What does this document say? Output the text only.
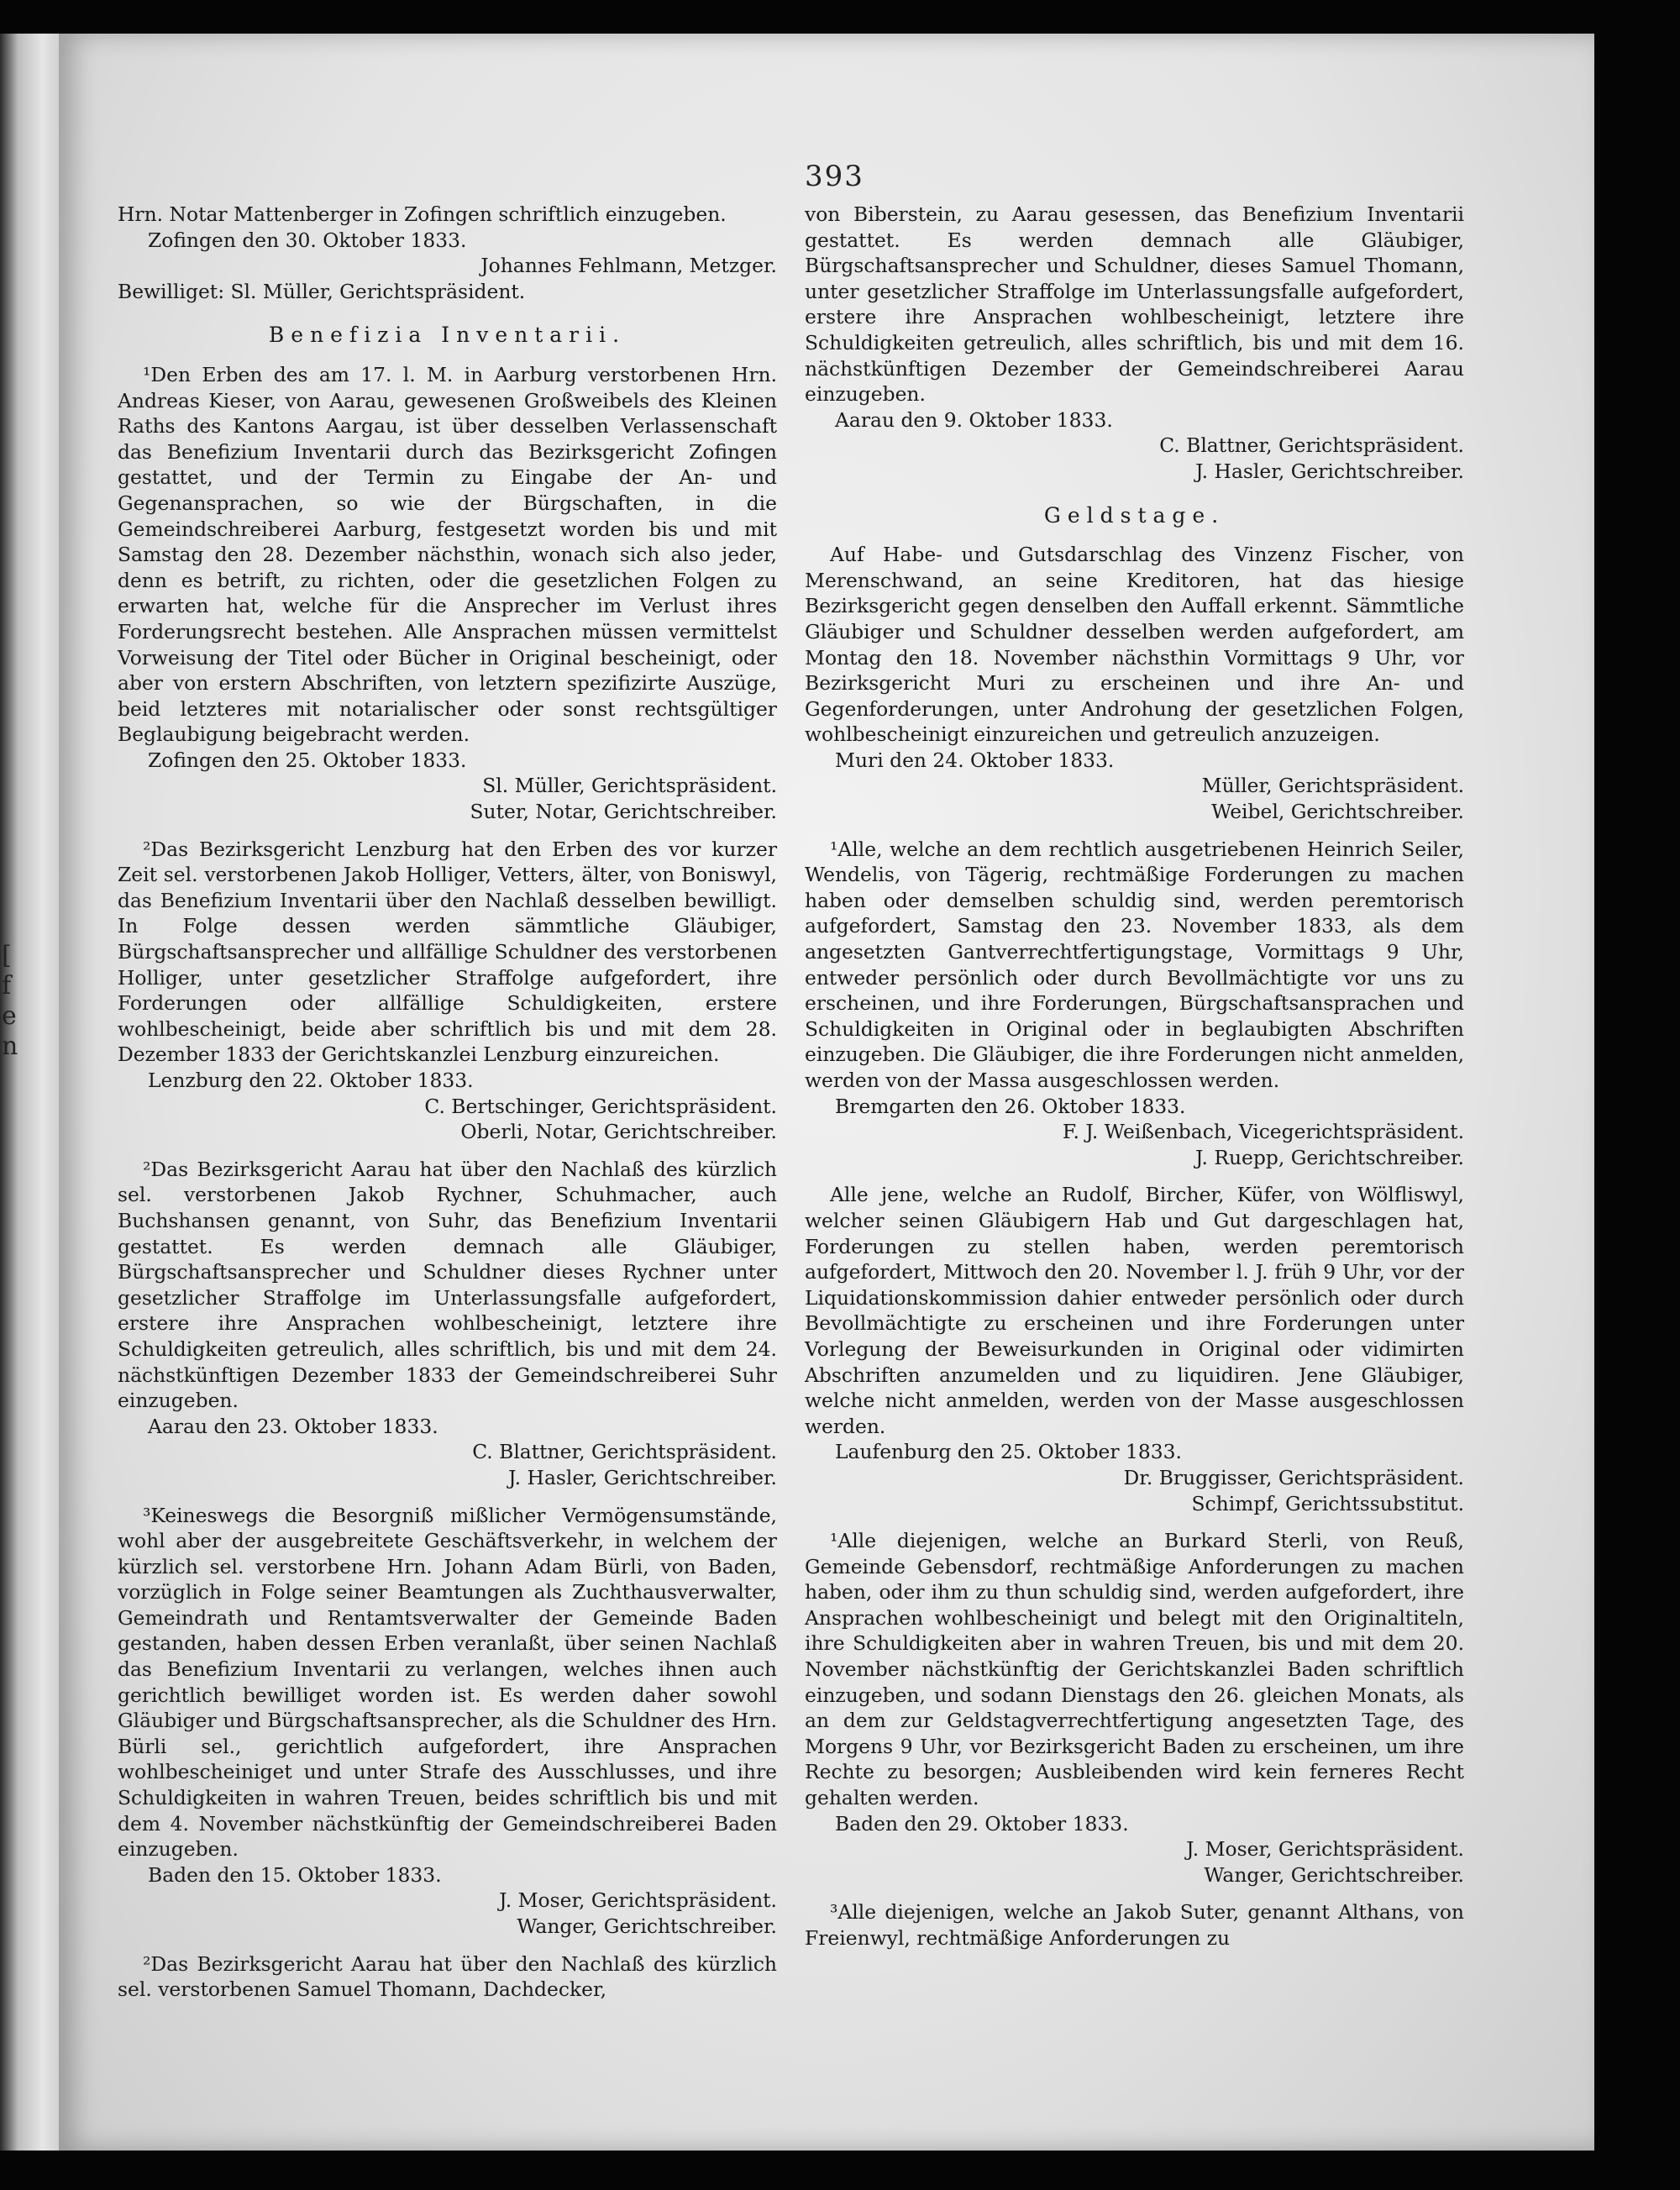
[
f
e
n
393

Hrn. Notar Mattenberger in Zofingen schriftlich einzugeben.

Zofingen den 30. Oktober 1833.

Johannes Fehlmann, Metzger.

Bewilliget: Sl. Müller, Gerichtspräsident.

Benefizia Inventarii.

¹Den Erben des am 17. l. M. in Aarburg verstorbenen Hrn. Andreas Kieser, von Aarau, gewesenen Großweibels des Kleinen Raths des Kantons Aargau, ist über desselben Verlassenschaft das Benefizium Inventarii durch das Bezirksgericht Zofingen gestattet, und der Termin zu Eingabe der An- und Gegenansprachen, so wie der Bürgschaften, in die Gemeindschreiberei Aarburg, festgesetzt worden bis und mit Samstag den 28. Dezember nächsthin, wonach sich also jeder, denn es betrift, zu richten, oder die gesetzlichen Folgen zu erwarten hat, welche für die Ansprecher im Verlust ihres Forderungsrecht bestehen. Alle Ansprachen müssen vermittelst Vorweisung der Titel oder Bücher in Original bescheinigt, oder aber von erstern Abschriften, von letztern spezifizirte Auszüge, beid letzteres mit notarialischer oder sonst rechtsgültiger Beglaubigung beigebracht werden.

Zofingen den 25. Oktober 1833.

Sl. Müller, Gerichtspräsident.

Suter, Notar, Gerichtschreiber.

²Das Bezirksgericht Lenzburg hat den Erben des vor kurzer Zeit sel. verstorbenen Jakob Holliger, Vetters, älter, von Boniswyl, das Benefizium Inventarii über den Nachlaß desselben bewilligt. In Folge dessen werden sämmtliche Gläubiger, Bürgschaftsansprecher und allfällige Schuldner des verstorbenen Holliger, unter gesetzlicher Straffolge aufgefordert, ihre Forderungen oder allfällige Schuldigkeiten, erstere wohlbescheinigt, beide aber schriftlich bis und mit dem 28. Dezember 1833 der Gerichtskanzlei Lenzburg einzureichen.

Lenzburg den 22. Oktober 1833.

C. Bertschinger, Gerichtspräsident.

Oberli, Notar, Gerichtschreiber.

²Das Bezirksgericht Aarau hat über den Nachlaß des kürzlich sel. verstorbenen Jakob Rychner, Schuhmacher, auch Buchshansen genannt, von Suhr, das Benefizium Inventarii gestattet. Es werden demnach alle Gläubiger, Bürgschaftsansprecher und Schuldner dieses Rychner unter gesetzlicher Straffolge im Unterlassungsfalle aufgefordert, erstere ihre Ansprachen wohlbescheinigt, letztere ihre Schuldigkeiten getreulich, alles schriftlich, bis und mit dem 24. nächstkünftigen Dezember 1833 der Gemeindschreiberei Suhr einzugeben.

Aarau den 23. Oktober 1833.

C. Blattner, Gerichtspräsident.

J. Hasler, Gerichtschreiber.

³Keineswegs die Besorgniß mißlicher Vermögensumstände, wohl aber der ausgebreitete Geschäftsverkehr, in welchem der kürzlich sel. verstorbene Hrn. Johann Adam Bürli, von Baden, vorzüglich in Folge seiner Beamtungen als Zuchthausverwalter, Gemeindrath und Rentamtsverwalter der Gemeinde Baden gestanden, haben dessen Erben veranlaßt, über seinen Nachlaß das Benefizium Inventarii zu verlangen, welches ihnen auch gerichtlich bewilliget worden ist. Es werden daher sowohl Gläubiger und Bürgschaftsansprecher, als die Schuldner des Hrn. Bürli sel., gerichtlich aufgefordert, ihre Ansprachen wohlbescheiniget und unter Strafe des Ausschlusses, und ihre Schuldigkeiten in wahren Treuen, beides schriftlich bis und mit dem 4. November nächstkünftig der Gemeindschreiberei Baden einzugeben.

Baden den 15. Oktober 1833.

J. Moser, Gerichtspräsident.

Wanger, Gerichtschreiber.

²Das Bezirksgericht Aarau hat über den Nachlaß des kürzlich sel. verstorbenen Samuel Thomann, Dachdecker,

von Biberstein, zu Aarau gesessen, das Benefizium Inventarii gestattet. Es werden demnach alle Gläubiger, Bürgschaftsansprecher und Schuldner, dieses Samuel Thomann, unter gesetzlicher Straffolge im Unterlassungsfalle aufgefordert, erstere ihre Ansprachen wohlbescheinigt, letztere ihre Schuldigkeiten getreulich, alles schriftlich, bis und mit dem 16. nächstkünftigen Dezember der Gemeindschreiberei Aarau einzugeben.

Aarau den 9. Oktober 1833.

C. Blattner, Gerichtspräsident.

J. Hasler, Gerichtschreiber.

Geldstage.

Auf Habe- und Gutsdarschlag des Vinzenz Fischer, von Merenschwand, an seine Kreditoren, hat das hiesige Bezirksgericht gegen denselben den Auffall erkennt. Sämmtliche Gläubiger und Schuldner desselben werden aufgefordert, am Montag den 18. November nächsthin Vormittags 9 Uhr, vor Bezirksgericht Muri zu erscheinen und ihre An- und Gegenforderungen, unter Androhung der gesetzlichen Folgen, wohlbescheinigt einzureichen und getreulich anzuzeigen.

Muri den 24. Oktober 1833.

Müller, Gerichtspräsident.

Weibel, Gerichtschreiber.

¹Alle, welche an dem rechtlich ausgetriebenen Heinrich Seiler, Wendelis, von Tägerig, rechtmäßige Forderungen zu machen haben oder demselben schuldig sind, werden peremtorisch aufgefordert, Samstag den 23. November 1833, als dem angesetzten Gantverrechtfertigungstage, Vormittags 9 Uhr, entweder persönlich oder durch Bevollmächtigte vor uns zu erscheinen, und ihre Forderungen, Bürgschaftsansprachen und Schuldigkeiten in Original oder in beglaubigten Abschriften einzugeben. Die Gläubiger, die ihre Forderungen nicht anmelden, werden von der Massa ausgeschlossen werden.

Bremgarten den 26. Oktober 1833.

F. J. Weißenbach, Vicegerichtspräsident.

J. Ruepp, Gerichtschreiber.

Alle jene, welche an Rudolf, Bircher, Küfer, von Wölfliswyl, welcher seinen Gläubigern Hab und Gut dargeschlagen hat, Forderungen zu stellen haben, werden peremtorisch aufgefordert, Mittwoch den 20. November l. J. früh 9 Uhr, vor der Liquidationskommission dahier entweder persönlich oder durch Bevollmächtigte zu erscheinen und ihre Forderungen unter Vorlegung der Beweisurkunden in Original oder vidimirten Abschriften anzumelden und zu liquidiren. Jene Gläubiger, welche nicht anmelden, werden von der Masse ausgeschlossen werden.

Laufenburg den 25. Oktober 1833.

Dr. Bruggisser, Gerichtspräsident.

Schimpf, Gerichtssubstitut.

¹Alle diejenigen, welche an Burkard Sterli, von Reuß, Gemeinde Gebensdorf, rechtmäßige Anforderungen zu machen haben, oder ihm zu thun schuldig sind, werden aufgefordert, ihre Ansprachen wohlbescheinigt und belegt mit den Originaltiteln, ihre Schuldigkeiten aber in wahren Treuen, bis und mit dem 20. November nächstkünftig der Gerichtskanzlei Baden schriftlich einzugeben, und sodann Dienstags den 26. gleichen Monats, als an dem zur Geldstagverrechtfertigung angesetzten Tage, des Morgens 9 Uhr, vor Bezirksgericht Baden zu erscheinen, um ihre Rechte zu besorgen; Ausbleibenden wird kein ferneres Recht gehalten werden.

Baden den 29. Oktober 1833.

J. Moser, Gerichtspräsident.

Wanger, Gerichtschreiber.

³Alle diejenigen, welche an Jakob Suter, genannt Althans, von Freienwyl, rechtmäßige Anforderungen zu
